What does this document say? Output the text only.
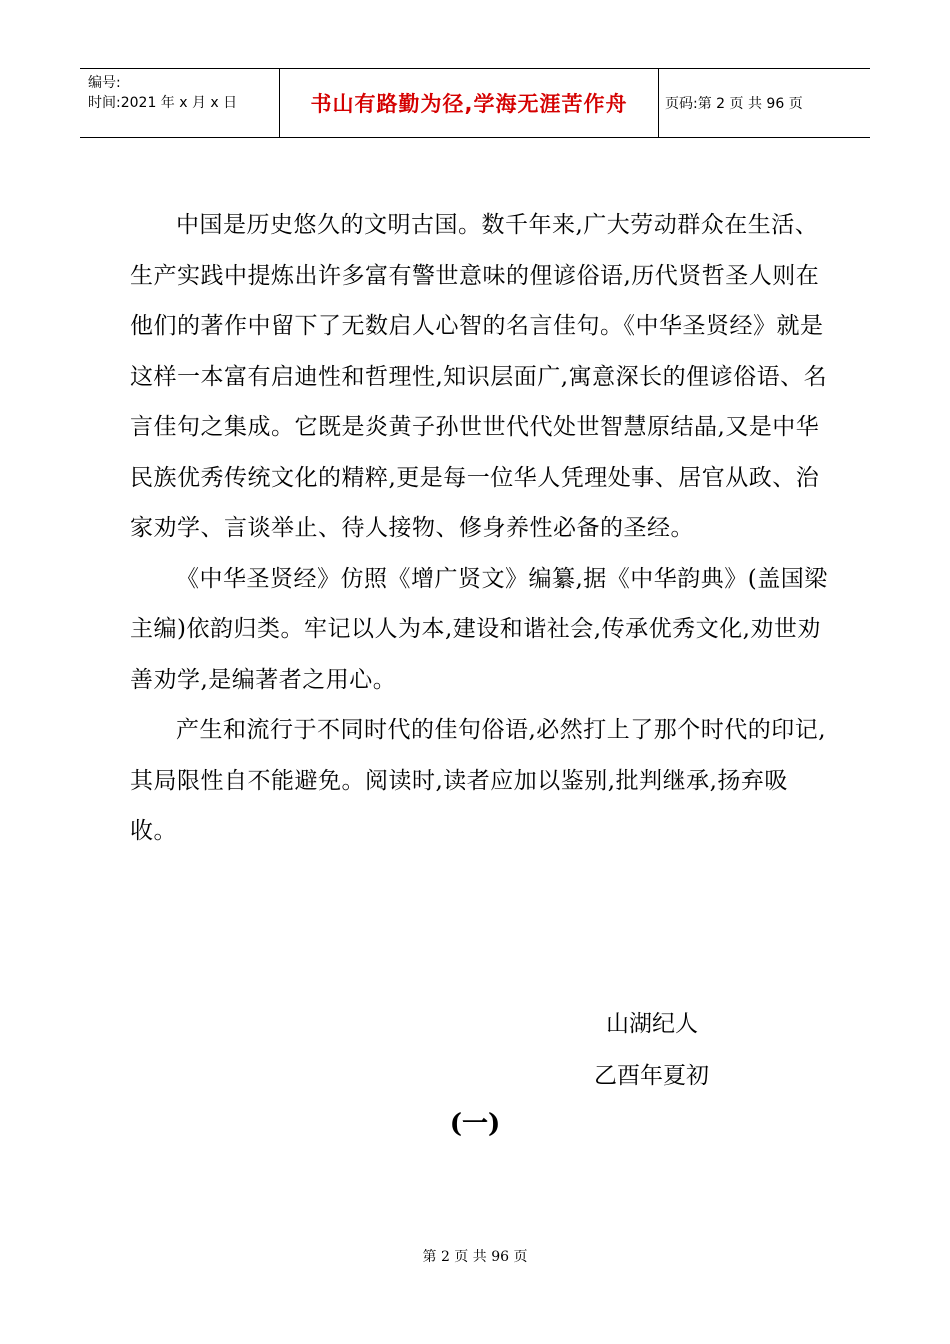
编号:
时间:2021 年 x 月 x 日	书山有路勤为径,学海无涯苦作舟	页码:第 2 页 共 96 页

中国是历史悠久的文明古国。数千年来,广大劳动群众在生活、生产实践中提炼出许多富有警世意味的俚谚俗语,历代贤哲圣人则在他们的著作中留下了无数启人心智的名言佳句。《中华圣贤经》就是这样一本富有启迪性和哲理性,知识层面广,寓意深长的俚谚俗语、名言佳句之集成。它既是炎黄子孙世世代代处世智慧原结晶,又是中华民族优秀传统文化的精粹,更是每一位华人凭理处事、居官从政、治家劝学、言谈举止、待人接物、修身养性必备的圣经。

《中华圣贤经》仿照《增广贤文》编纂,据《中华韵典》(盖国梁主编)依韵归类。牢记以人为本,建设和谐社会,传承优秀文化,劝世劝善劝学,是编著者之用心。

产生和流行于不同时代的佳句俗语,必然打上了那个时代的印记,其局限性自不能避免。阅读时,读者应加以鉴别,批判继承,扬弃吸收。

山湖纪人
乙酉年夏初
(一)
第 2 页 共 96 页
